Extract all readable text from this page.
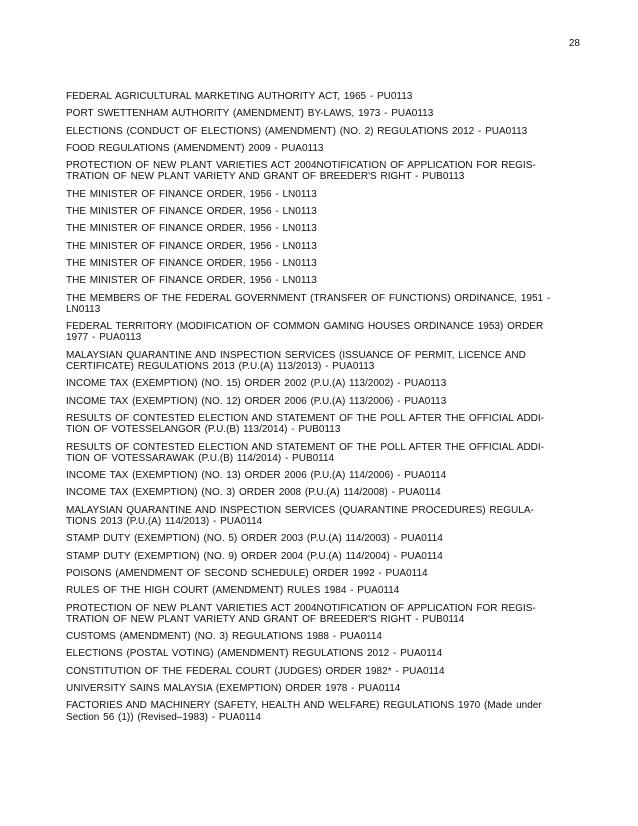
28
FEDERAL AGRICULTURAL MARKETING AUTHORITY ACT, 1965 - PU0113
PORT SWETTENHAM AUTHORITY (AMENDMENT) BY-LAWS, 1973 - PUA0113
ELECTIONS (CONDUCT OF ELECTIONS) (AMENDMENT) (NO. 2) REGULATIONS 2012 - PUA0113
FOOD REGULATIONS (AMENDMENT) 2009 - PUA0113
PROTECTION OF NEW PLANT VARIETIES ACT 2004NOTIFICATION OF APPLICATION FOR REGIS-
TRATION OF NEW PLANT VARIETY AND GRANT OF BREEDER'S RIGHT - PUB0113
THE MINISTER OF FINANCE ORDER, 1956 - LN0113
THE MINISTER OF FINANCE ORDER, 1956 - LN0113
THE MINISTER OF FINANCE ORDER, 1956 - LN0113
THE MINISTER OF FINANCE ORDER, 1956 - LN0113
THE MINISTER OF FINANCE ORDER, 1956 - LN0113
THE MINISTER OF FINANCE ORDER, 1956 - LN0113
THE MEMBERS OF THE FEDERAL GOVERNMENT (TRANSFER OF FUNCTIONS) ORDINANCE, 1951 -
LN0113
FEDERAL TERRITORY (MODIFICATION OF COMMON GAMING HOUSES ORDINANCE 1953) ORDER
1977 - PUA0113
MALAYSIAN QUARANTINE AND INSPECTION SERVICES (ISSUANCE OF PERMIT, LICENCE AND
CERTIFICATE) REGULATIONS 2013 (P.U.(A) 113/2013) - PUA0113
INCOME TAX (EXEMPTION) (NO. 15) ORDER 2002 (P.U.(A) 113/2002) - PUA0113
INCOME TAX (EXEMPTION) (NO. 12) ORDER 2006 (P.U.(A) 113/2006) - PUA0113
RESULTS OF CONTESTED ELECTION AND STATEMENT OF THE POLL AFTER THE OFFICIAL ADDI-
TION OF VOTESSELANGOR (P.U.(B) 113/2014) - PUB0113
RESULTS OF CONTESTED ELECTION AND STATEMENT OF THE POLL AFTER THE OFFICIAL ADDI-
TION OF VOTESSARAWAK (P.U.(B) 114/2014) - PUB0114
INCOME TAX (EXEMPTION) (NO. 13) ORDER 2006 (P.U.(A) 114/2006) - PUA0114
INCOME TAX (EXEMPTION) (NO. 3) ORDER 2008 (P.U.(A) 114/2008) - PUA0114
MALAYSIAN QUARANTINE AND INSPECTION SERVICES (QUARANTINE PROCEDURES) REGULA-
TIONS 2013 (P.U.(A) 114/2013) - PUA0114
STAMP DUTY (EXEMPTION) (NO. 5) ORDER 2003 (P.U.(A) 114/2003) - PUA0114
STAMP DUTY (EXEMPTION) (NO. 9) ORDER 2004 (P.U.(A) 114/2004) - PUA0114
POISONS (AMENDMENT OF SECOND SCHEDULE) ORDER 1992 - PUA0114
RULES OF THE HIGH COURT (AMENDMENT) RULES 1984 - PUA0114
PROTECTION OF NEW PLANT VARIETIES ACT 2004NOTIFICATION OF APPLICATION FOR REGIS-
TRATION OF NEW PLANT VARIETY AND GRANT OF BREEDER'S RIGHT - PUB0114
CUSTOMS (AMENDMENT) (NO. 3) REGULATIONS 1988 - PUA0114
ELECTIONS (POSTAL VOTING) (AMENDMENT) REGULATIONS 2012 - PUA0114
CONSTITUTION OF THE FEDERAL COURT (JUDGES) ORDER 1982* - PUA0114
UNIVERSITY SAINS MALAYSIA (EXEMPTION) ORDER 1978 - PUA0114
FACTORIES AND MACHINERY (SAFETY, HEALTH AND WELFARE) REGULATIONS 1970 (Made under
Section 56 (1)) (Revised–1983) - PUA0114
